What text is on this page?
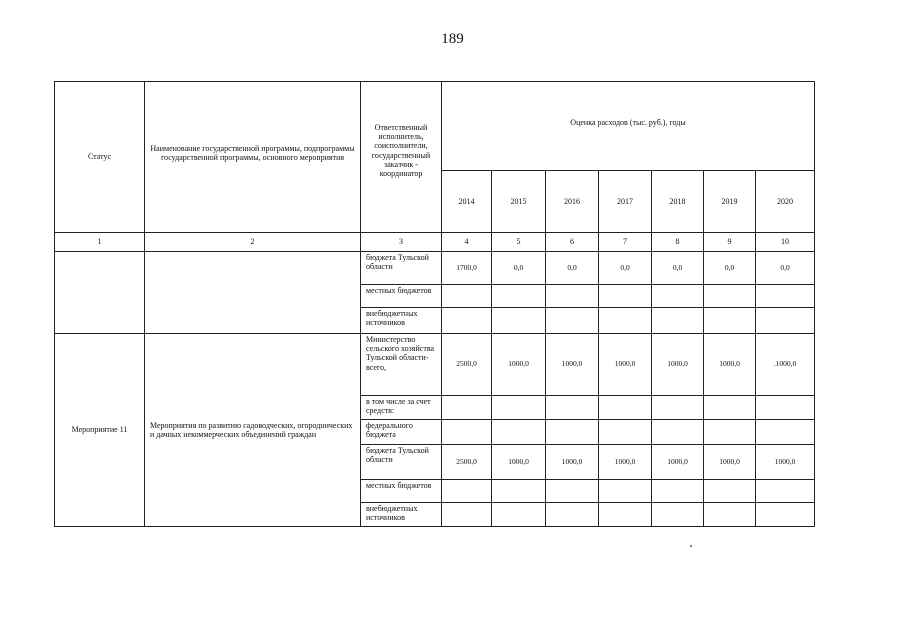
189
Статус	Наименование государственной программы, подпрограммы государственной программы, основного мероприятия	Ответственный исполнитель, соисполнители, государственный заказчик - координатор	Оценка расходов (тыс. руб.), годы						
			2014	2015	2016	2017	2018	2019	2020
1	2	3	4	5	6	7	8	9	10
		бюджета Тульской области	1700,0	0,0	0,0	0,0	0,0	0,0	0,0
		местных бюджетов							
		внебюджетных источников							
Мероприятие 11	Мероприятия по развитию садоводческих, огороднических и дачных некоммерческих объединений граждан	Министерство сельского хозяйства Тульской области- всего,	2500,0	1000,0	1000,0	1000,0	1000,0	1000,0	.1000,0
		в том числе за счет средств:							
		федерального бюджета							
		бюджета Тульской области	2500,0	1000,0	1000,0	1000,0	1000,0	1000,0	1000,0
		местных бюджетов							
		внебюджетных источников							
